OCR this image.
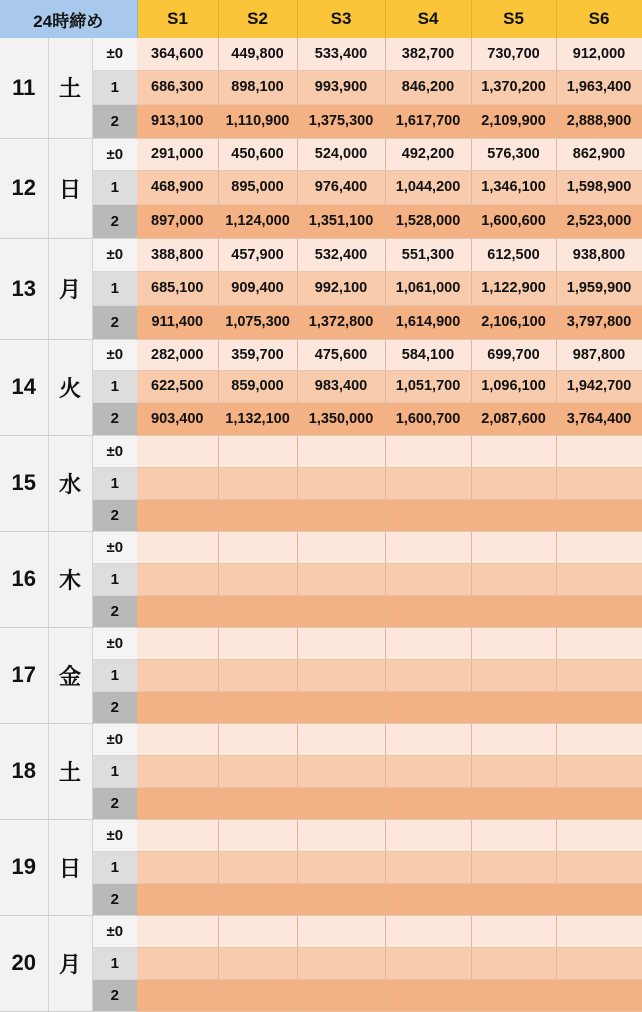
24時締め			S1	S2	S3	S4	S5	S6
11	土	±0	364,600	449,800	533,400	382,700	730,700	912,000
		1	686,300	898,100	993,900	846,200	1,370,200	1,963,400
		2	913,100	1,110,900	1,375,300	1,617,700	2,109,900	2,888,900
12	日	±0	291,000	450,600	524,000	492,200	576,300	862,900
		1	468,900	895,000	976,400	1,044,200	1,346,100	1,598,900
		2	897,000	1,124,000	1,351,100	1,528,000	1,600,600	2,523,000
13	月	±0	388,800	457,900	532,400	551,300	612,500	938,800
		1	685,100	909,400	992,100	1,061,000	1,122,900	1,959,900
		2	911,400	1,075,300	1,372,800	1,614,900	2,106,100	3,797,800
14	火	±0	282,000	359,700	475,600	584,100	699,700	987,800
		1	622,500	859,000	983,400	1,051,700	1,096,100	1,942,700
		2	903,400	1,132,100	1,350,000	1,600,700	2,087,600	3,764,400
15	水	±0						
		1						
		2						
16	木	±0						
		1						
		2						
17	金	±0						
		1						
		2						
18	土	±0						
		1						
		2						
19	日	±0						
		1						
		2						
20	月	±0						
		1						
		2						
